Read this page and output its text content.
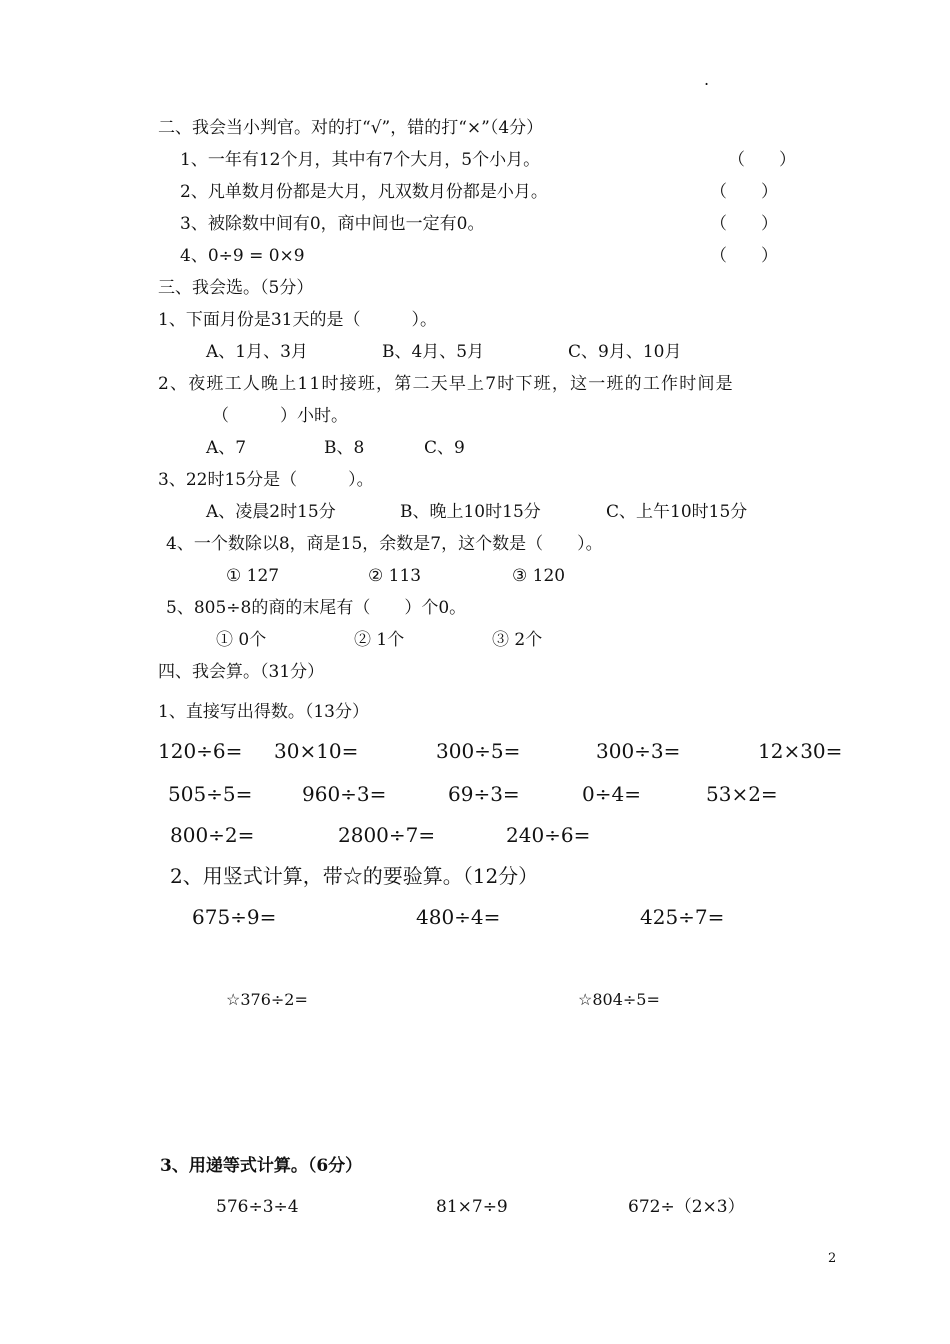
.
二、我会当小判官。对的打“√”，错的打“×”（4分）
1、一年有12个月，其中有7个大月，5个小月。	（　　）
2、凡单数月份都是大月，凡双数月份都是小月。	（　　）
3、被除数中间有0，商中间也一定有0。	（　　）
4、0÷9 = 0×9	（　　）
三、我会选。（5分）
1、下面月份是31天的是（　　　）。
A、1月、3月	B、4月、5月	C、9月、10月
2、夜班工人晚上11时接班，第二天早上7时下班，这一班的工作时间是
（　　　）小时。
A、7	B、8	C、9
3、22时15分是（　　　）。
A、凌晨2时15分	B、晚上10时15分	C、上午10时15分
4、一个数除以8，商是15，余数是7，这个数是（　　）。
① 127	② 113	③ 120
5、805÷8的商的末尾有（　　）个0。
① 0个	② 1个	③ 2个
四、我会算。（31分）
1、直接写出得数。（13分）
120÷6= 30×10=	300÷5=	300÷3=	12×30=
505÷5= 960÷3=	69÷3=	0÷4=	53×2=
800÷2=	2800÷7=	240÷6=
2、用竖式计算，带☆的要验算。（12分）
675÷9=	480÷4=	425÷7=
☆376÷2=	☆804÷5=
3、用递等式计算。（6分）
576÷3÷4	81×7÷9	672÷（2×3）
2
